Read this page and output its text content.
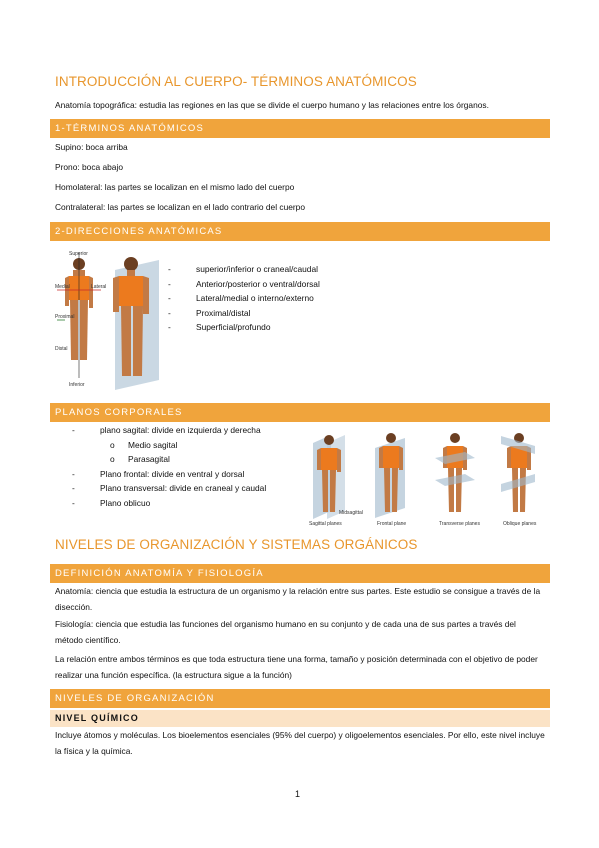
INTRODUCCIÓN AL CUERPO- TÉRMINOS ANATÓMICOS
Anatomía topográfica: estudia las regiones en las que se divide el cuerpo humano y las relaciones entre los órganos.
1-TÉRMINOS ANATÓMICOS
Supino: boca arriba
Prono: boca abajo
Homolateral: las partes se localizan en el mismo lado del cuerpo
Contralateral: las partes se localizan en el lado contrario del cuerpo
2-DIRECCIONES ANATÓMICAS
Superior
Inferior
Medial	Lateral
Proximal
Distal
-	superior/inferior o craneal/caudal
-	Anterior/posterior o ventral/dorsal
-	Lateral/medial o interno/externo
-	Proximal/distal
-	Superficial/profundo
PLANOS CORPORALES
-	plano sagital: divide en izquierda y derecha
o Medio sagital
o Parasagital
-	Plano frontal: divide en ventral y dorsal
-	Plano transversal: divide en craneal y caudal
-	Plano oblicuo
Sagittal planes
Midsagittal
Frontal plane	Transverse planes	Oblique planes
NIVELES DE ORGANIZACIÓN Y SISTEMAS ORGÁNICOS
DEFINICIÓN ANATOMÍA Y FISIOLOGÍA
Anatomía: ciencia que estudia la estructura de un organismo y la relación entre sus partes. Este estudio se consigue a través de la disección.
Fisiología: ciencia que estudia las funciones del organismo humano en su conjunto y de cada una de sus partes a través del método científico.
La relación entre ambos términos es que toda estructura tiene una forma, tamaño y posición determinada con el objetivo de poder realizar una función específica. (la estructura sigue a la función)
NIVELES DE ORGANIZACIÓN
NIVEL QUÍMICO
Incluye átomos y moléculas. Los bioelementos esenciales (95% del cuerpo) y oligoelementos esenciales. Por ello, este nivel incluye la física y la química.
1
